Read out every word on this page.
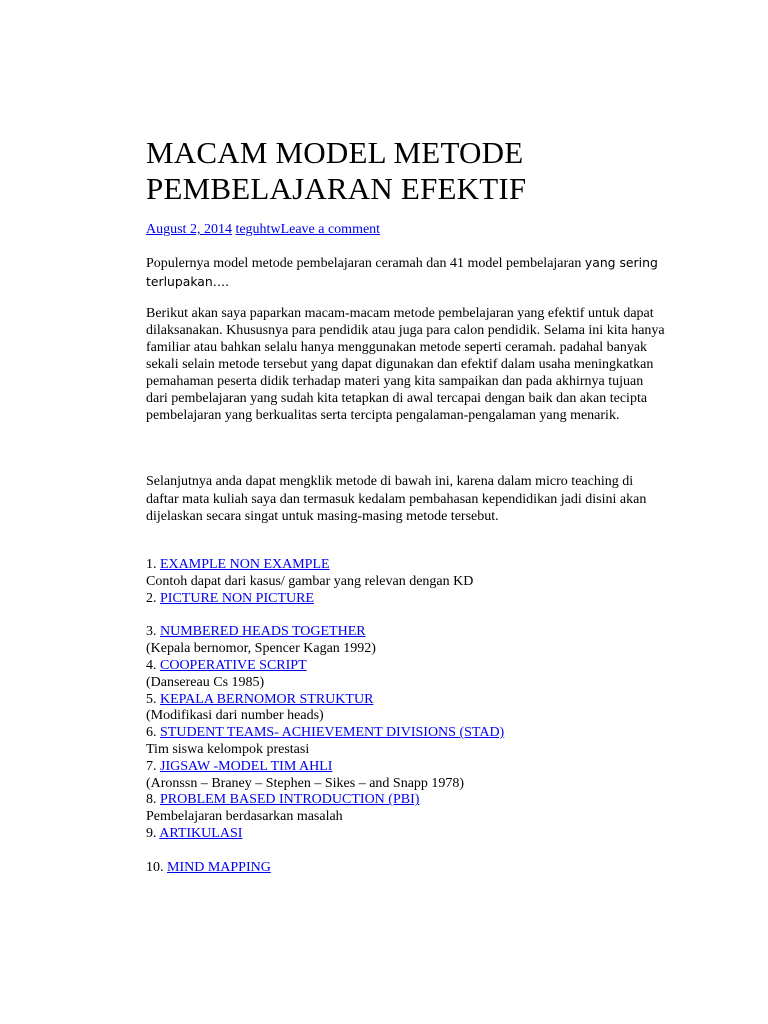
MACAM MODEL METODE
PEMBELAJARAN EFEKTIF
August 2, 2014 teguhtwLeave a comment

Populernya model metode pembelajaran ceramah dan 41 model pembelajaran yang sering terlupakan….

Berikut akan saya paparkan macam-macam metode pembelajaran yang efektif untuk dapat dilaksanakan. Khususnya para pendidik atau juga para calon pendidik. Selama ini kita hanya familiar atau bahkan selalu hanya menggunakan metode seperti ceramah. padahal banyak sekali selain metode tersebut yang dapat digunakan dan efektif dalam usaha meningkatkan pemahaman peserta didik terhadap materi yang kita sampaikan dan pada akhirnya tujuan dari pembelajaran yang sudah kita tetapkan di awal tercapai dengan baik dan akan tecipta pembelajaran yang berkualitas serta tercipta pengalaman-pengalaman yang menarik.

Selanjutnya anda dapat mengklik metode di bawah ini, karena dalam micro teaching di daftar mata kuliah saya dan termasuk kedalam pembahasan kependidikan jadi disini akan dijelaskan secara singat untuk masing-masing metode tersebut.

1. EXAMPLE NON EXAMPLE
Contoh dapat dari kasus/ gambar yang relevan dengan KD
2. PICTURE NON PICTURE
3. NUMBERED HEADS TOGETHER
(Kepala bernomor, Spencer Kagan 1992)
4. COOPERATIVE SCRIPT
(Dansereau Cs 1985)
5. KEPALA BERNOMOR STRUKTUR
(Modifikasi dari number heads)
6. STUDENT TEAMS- ACHIEVEMENT DIVISIONS (STAD)
Tim siswa kelompok prestasi
7. JIGSAW -MODEL TIM AHLI
(Aronssn – Braney – Stephen – Sikes – and Snapp 1978)
8. PROBLEM BASED INTRODUCTION (PBI)
Pembelajaran berdasarkan masalah
9. ARTIKULASI
10. MIND MAPPING
